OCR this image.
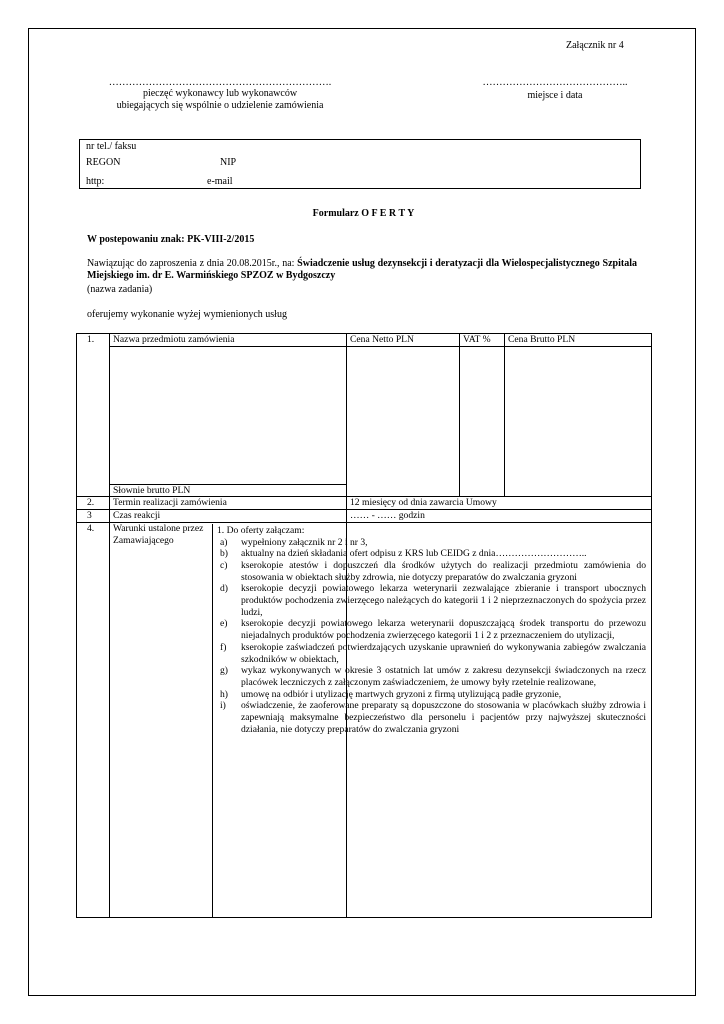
Załącznik nr 4
………………………………………………………….
pieczęć wykonawcy lub wykonawców
ubiegających się wspólnie o udzielenie zamówienia
……………………………………..
miejsce i data
nr tel./ faksu
REGON	NIP
http:	e-mail
Formularz O F E R T Y
W postepowaniu znak: PK-VIII-2/2015
Nawiązując do zaproszenia z dnia 20.08.2015r., na: Świadczenie usług dezynsekcji i deratyzacji dla Wielospecjalistycznego Szpitala Miejskiego im. dr E. Warmińskiego SPZOZ w Bydgoszczy
(nazwa zadania)
oferujemy wykonanie wyżej wymienionych usług
1.	Nazwa przedmiotu zamówienia	Cena Netto PLN	VAT %	Cena Brutto PLN

	Słownie brutto PLN			

2.	Termin realizacji zamówienia	12 miesięcy od dnia zawarcia Umowy		
3	Czas reakcji	…… - …… godzin		
4.	Warunki ustalone przez Zamawiającego			

1. Do oferty załączam:
a) wypełniony załącznik nr 2 i nr 3,
b) aktualny na dzień składania ofert odpisu z KRS lub CEIDG z dnia………………………..
c) kserokopie atestów i dopuszczeń dla środków użytych do realizacji przedmiotu zamówienia do stosowania w obiektach służby zdrowia, nie dotyczy preparatów do zwalczania gryzoni
d) kserokopie decyzji powiatowego lekarza weterynarii zezwalające zbieranie i transport ubocznych produktów pochodzenia zwierzęcego należących do kategorii 1 i 2 nieprzeznaczonych do spożycia przez ludzi,
e) kserokopie decyzji powiatowego lekarza weterynarii dopuszczającą środek transportu do przewozu niejadalnych produktów pochodzenia zwierzęcego kategorii 1 i 2 z przeznaczeniem do utylizacji,
f) kserokopie zaświadczeń potwierdzających uzyskanie uprawnień do wykonywania zabiegów zwalczania szkodników w obiektach,
g) wykaz wykonywanych w okresie 3 ostatnich lat umów z zakresu dezynsekcji świadczonych na rzecz placówek leczniczych z załączonym zaświadczeniem, że umowy były rzetelnie realizowane,
h) umowę na odbiór i utylizację martwych gryzoni z firmą utylizującą padłe gryzonie,
i) oświadczenie, że zaoferowane preparaty są dopuszczone do stosowania w placówkach służby zdrowia i zapewniają maksymalne bezpieczeństwo dla personelu i pacjentów przy najwyższej skuteczności działania, nie dotyczy preparatów do zwalczania gryzoni
